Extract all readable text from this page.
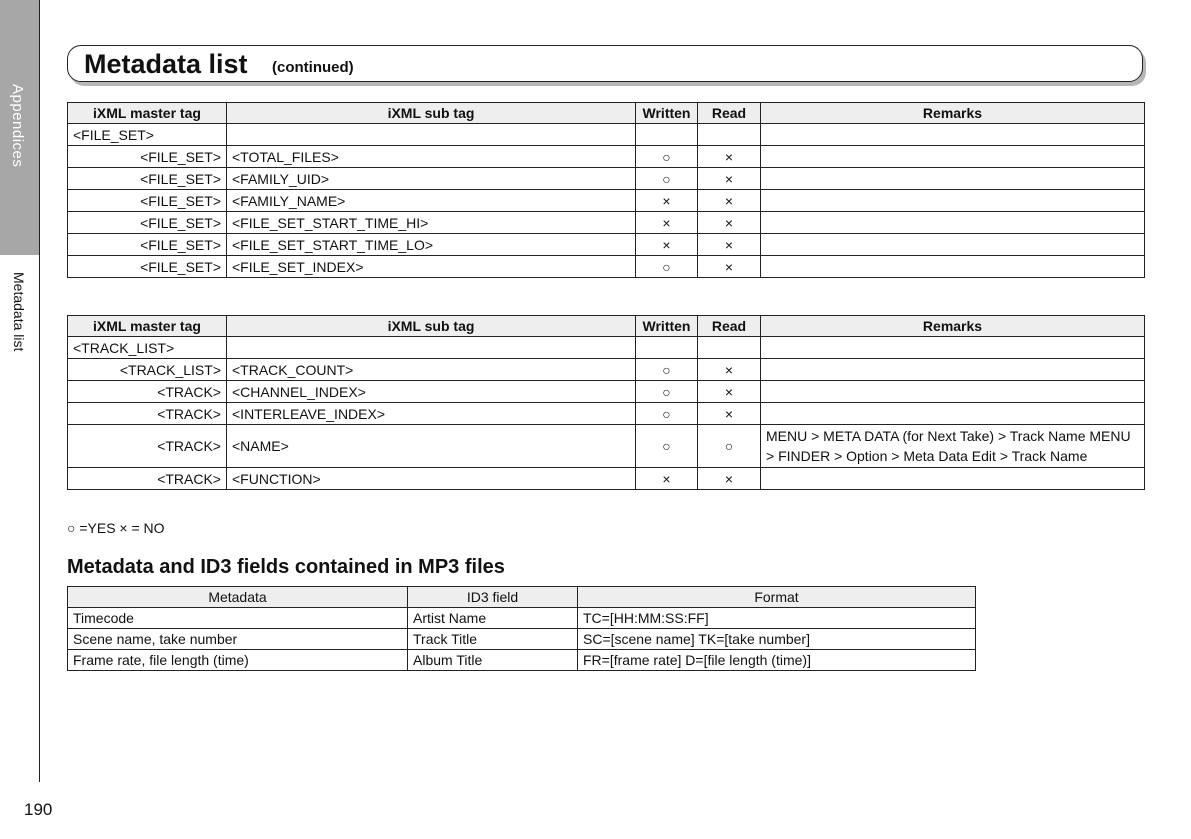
Appendices
Metadata list
Metadata list (continued)
iXML master tag	iXML sub tag	Written	Read	Remarks
<FILE_SET>				
<FILE_SET>	<TOTAL_FILES>	○	×	
<FILE_SET>	<FAMILY_UID>	○	×	
<FILE_SET>	<FAMILY_NAME>	×	×	
<FILE_SET>	<FILE_SET_START_TIME_HI>	×	×	
<FILE_SET>	<FILE_SET_START_TIME_LO>	×	×	
<FILE_SET>	<FILE_SET_INDEX>	○	×	
iXML master tag	iXML sub tag	Written	Read	Remarks
<TRACK_LIST>				
<TRACK_LIST>	<TRACK_COUNT>	○	×	
<TRACK>	<CHANNEL_INDEX>	○	×	
<TRACK>	<INTERLEAVE_INDEX>	○	×	
<TRACK>	<NAME>	○	○	MENU > META DATA (for Next Take) > Track Name MENU > FINDER > Option > Meta Data Edit > Track Name
<TRACK>	<FUNCTION>	×	×	
○ =YES × = NO
Metadata and ID3 fields contained in MP3 files
Metadata	ID3 field	Format
Timecode	Artist Name	TC=[HH:MM:SS:FF]
Scene name, take number	Track Title	SC=[scene name] TK=[take number]
Frame rate, file length (time)	Album Title	FR=[frame rate] D=[file length (time)]
190
